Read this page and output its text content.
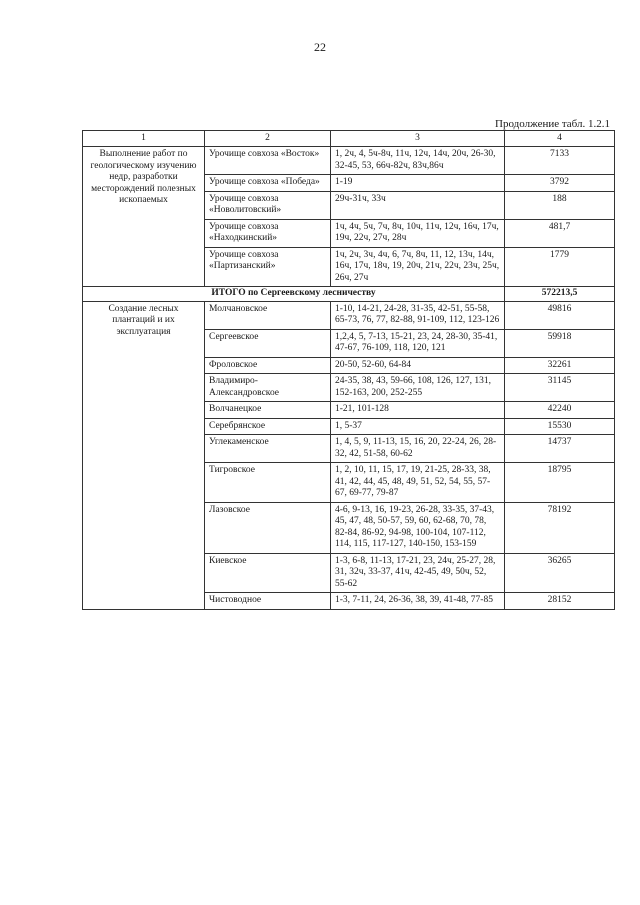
22
Продолжение табл. 1.2.1
1	2	3	4
Выполнение работ по геологическому изучению недр, разработки месторождений полезных ископаемых	Урочище совхоза «Восток»	1, 2ч, 4, 5ч-8ч, 11ч, 12ч, 14ч, 20ч, 26-30, 32-45, 53, 66ч-82ч, 83ч,86ч	7133
	Урочище совхоза «Победа»	1-19	3792
	Урочище совхоза «Новолитовский»	29ч-31ч, 33ч	188
	Урочище совхоза «Находкинский»	1ч, 4ч, 5ч, 7ч, 8ч, 10ч, 11ч, 12ч, 16ч, 17ч, 19ч, 22ч, 27ч, 28ч	481,7
	Урочище совхоза «Партизанский»	1ч, 2ч, 3ч, 4ч, 6, 7ч, 8ч, 11, 12, 13ч, 14ч, 16ч, 17ч, 18ч, 19, 20ч, 21ч, 22ч, 23ч, 25ч, 26ч, 27ч	1779
ИТОГО по Сергеевскому лесничеству			572213,5
Создание лесных плантаций и их эксплуатация	Молчановское	1-10, 14-21, 24-28, 31-35, 42-51, 55-58, 65-73, 76, 77, 82-88, 91-109, 112, 123-126	49816
	Сергеевское	1,2,4, 5, 7-13, 15-21, 23, 24, 28-30, 35-41, 47-67, 76-109, 118, 120, 121	59918
	Фроловское	20-50, 52-60, 64-84	32261
	Владимиро-Александровское	24-35, 38, 43, 59-66, 108, 126, 127, 131, 152-163, 200, 252-255	31145
	Волчанецкое	1-21, 101-128	42240
	Серебрянское	1, 5-37	15530
	Углекаменское	1, 4, 5, 9, 11-13, 15, 16, 20, 22-24, 26, 28-32, 42, 51-58, 60-62	14737
	Тигровское	1, 2, 10, 11, 15, 17, 19, 21-25, 28-33, 38, 41, 42, 44, 45, 48, 49, 51, 52, 54, 55, 57-67, 69-77, 79-87	18795
	Лазовское	4-6, 9-13, 16, 19-23, 26-28, 33-35, 37-43, 45, 47, 48, 50-57, 59, 60, 62-68, 70, 78, 82-84, 86-92, 94-98, 100-104, 107-112, 114, 115, 117-127, 140-150, 153-159	78192
	Киевское	1-3, 6-8, 11-13, 17-21, 23, 24ч, 25-27, 28, 31, 32ч, 33-37, 41ч, 42-45, 49, 50ч, 52, 55-62	36265
	Чистоводное	1-3, 7-11, 24, 26-36, 38, 39, 41-48, 77-85	28152
